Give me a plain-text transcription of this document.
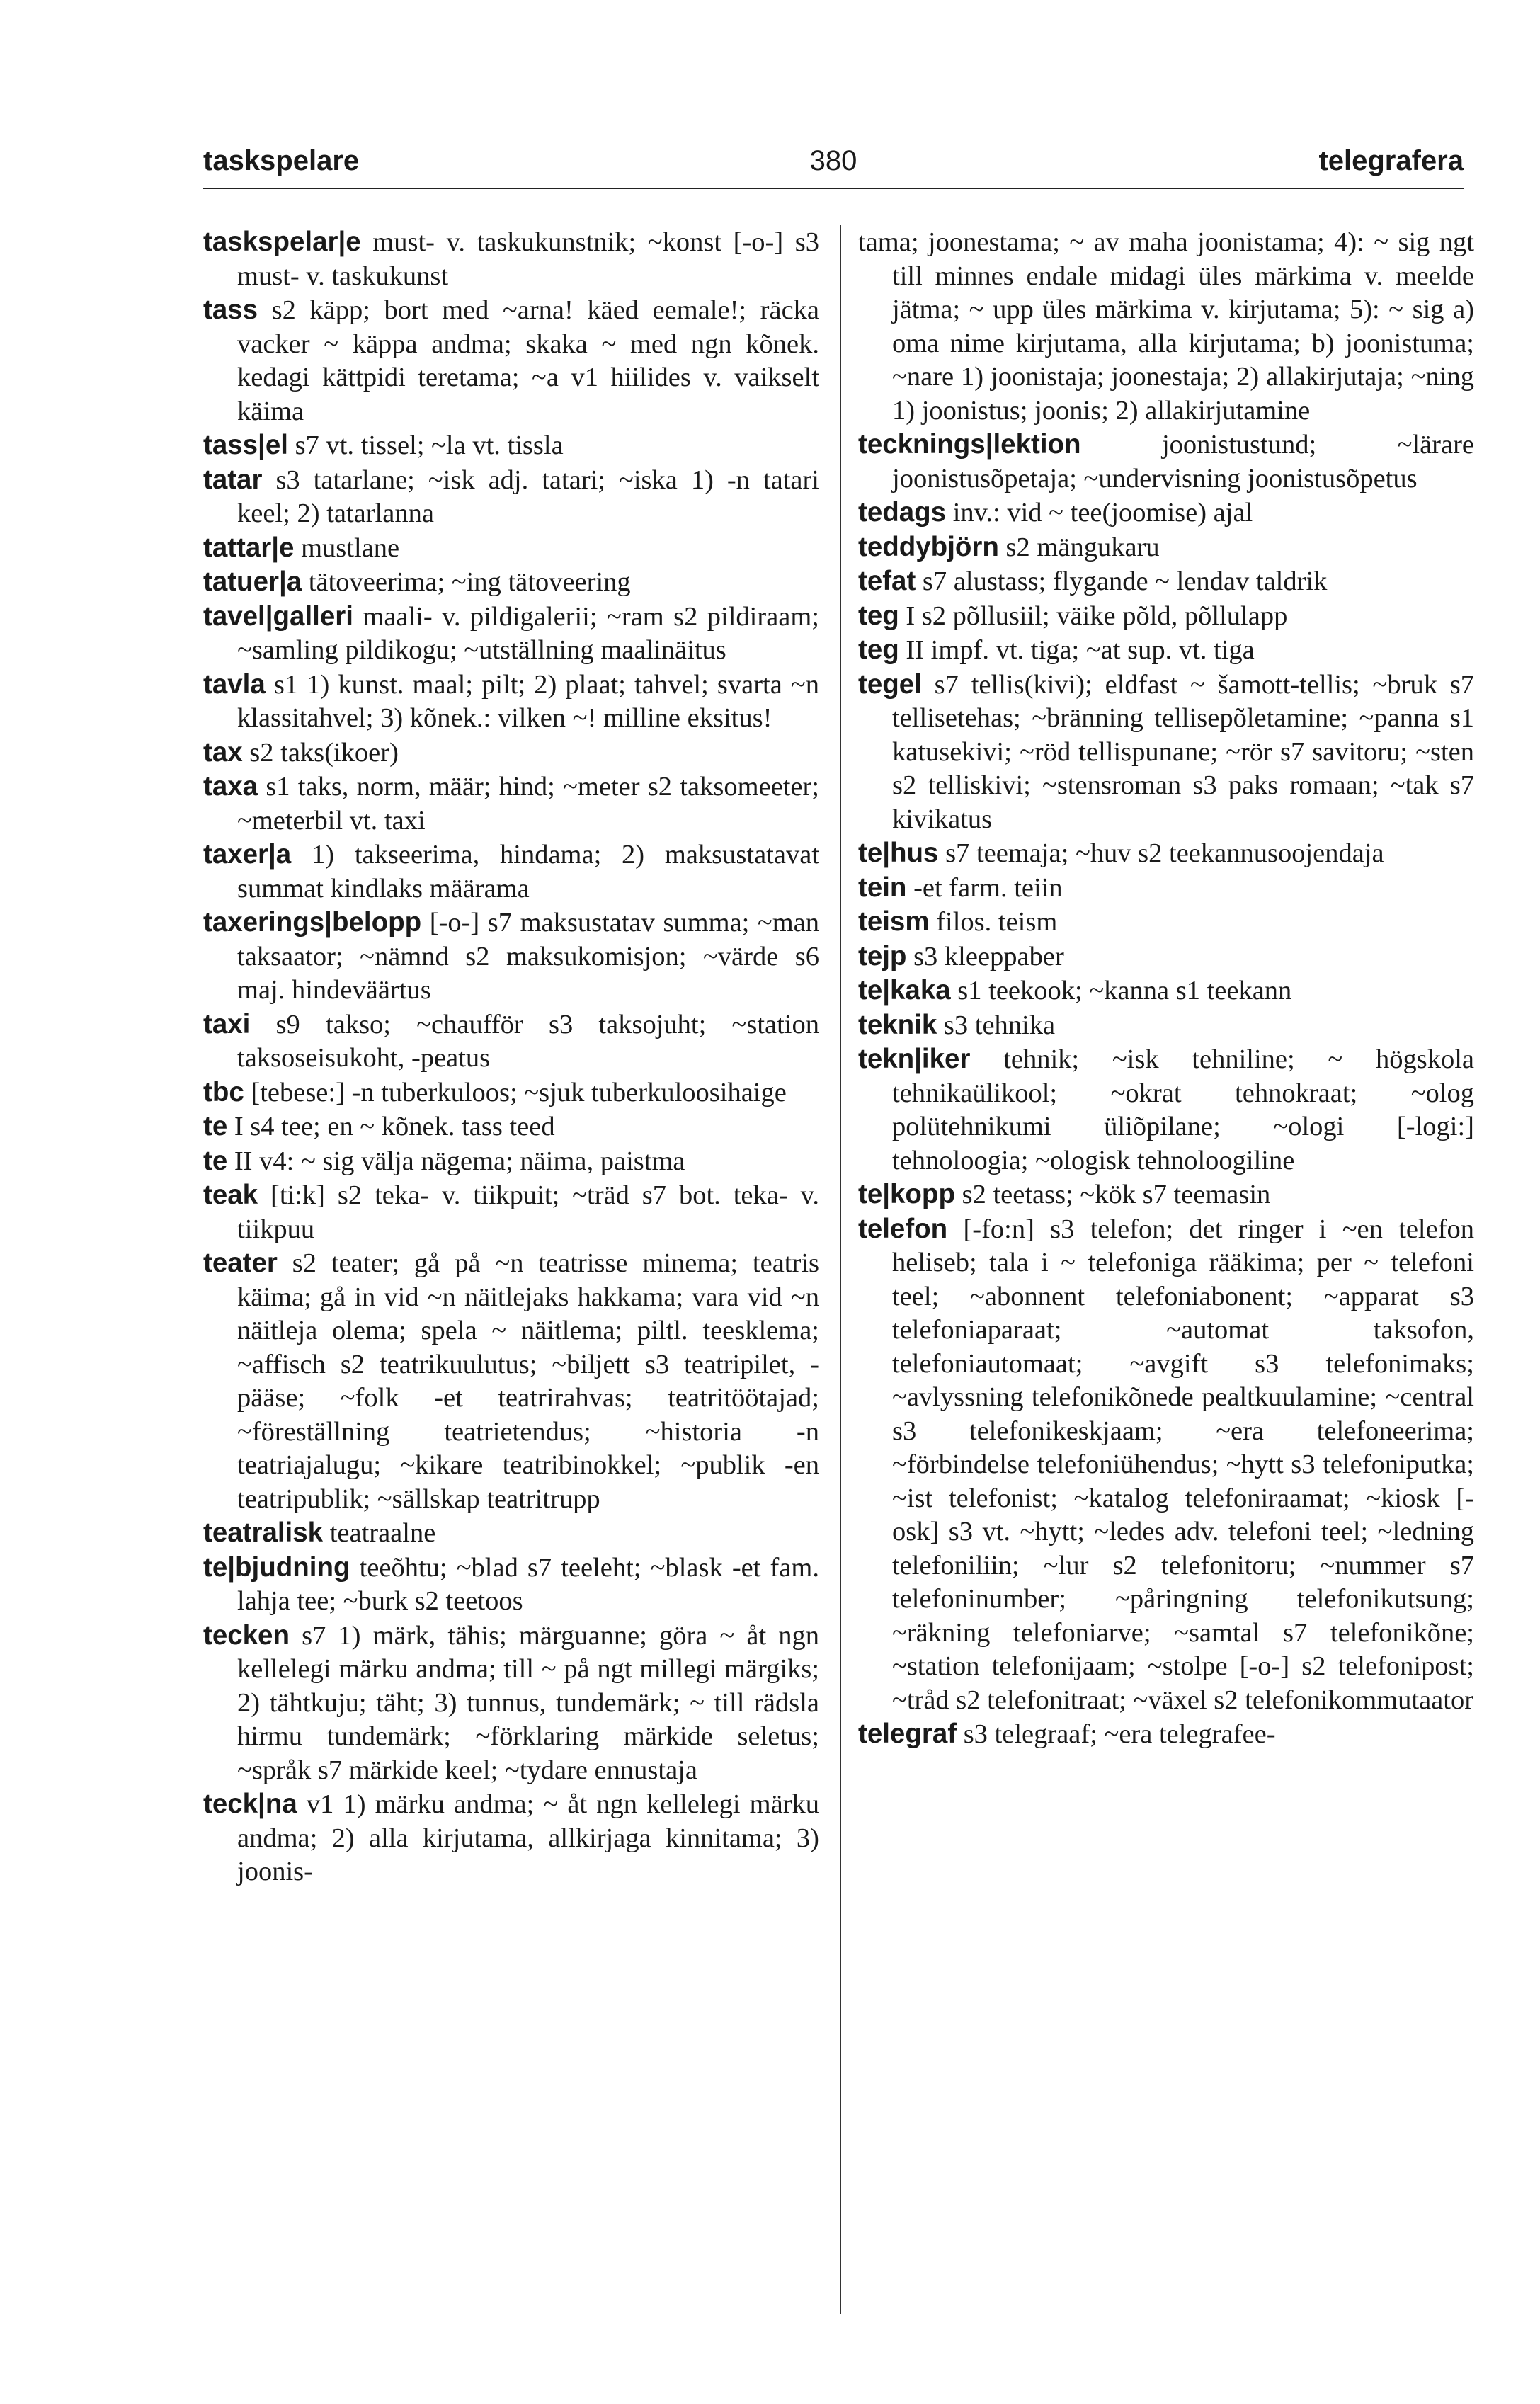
taskspelare	380	telegrafera

taskspelar|e must- v. taskukunstnik; ~konst [-o-] s3 must- v. taskukunst

tass s2 käpp; bort med ~arna! käed eemale!; räcka vacker ~ käppa andma; skaka ~ med ngn kõnek. kedagi kättpidi teretama; ~a v1 hiilides v. vaikselt käima

tass|el s7 vt. tissel; ~la vt. tissla

tatar s3 tatarlane; ~isk adj. tatari; ~iska 1) -n tatari keel; 2) tatarlanna

tattar|e mustlane

tatuer|a tätoveerima; ~ing tätoveering

tavel|galleri maali- v. pildigalerii; ~ram s2 pildiraam; ~samling pildikogu; ~utställning maalinäitus

tavla s1 1) kunst. maal; pilt; 2) plaat; tahvel; svarta ~n klassitahvel; 3) kõnek.: vilken ~! milline eksitus!

tax s2 taks(ikoer)

taxa s1 taks, norm, määr; hind; ~meter s2 taksomeeter; ~meterbil vt. taxi

taxer|a 1) takseerima, hindama; 2) maksustatavat summat kindlaks määrama

taxerings|belopp [-o-] s7 maksustatav summa; ~man taksaator; ~nämnd s2 maksukomisjon; ~värde s6 maj. hindeväärtus

taxi s9 takso; ~chaufför s3 taksojuht; ~station taksoseisukoht, -peatus

tbc [tebese:] -n tuberkuloos; ~sjuk tuberkuloosihaige

te I s4 tee; en ~ kõnek. tass teed

te II v4: ~ sig välja nägema; näima, paistma

teak [ti:k] s2 teka- v. tiikpuit; ~träd s7 bot. teka- v. tiikpuu

teater s2 teater; gå på ~n teatrisse minema; teatris käima; gå in vid ~n näitlejaks hakkama; vara vid ~n näitleja olema; spela ~ näitlema; piltl. teesklema; ~affisch s2 teatrikuulutus; ~biljett s3 teatripilet, -pääse; ~folk -et teatrirahvas; teatritöötajad; ~föreställning teatrietendus; ~historia -n teatriajalugu; ~kikare teatribinokkel; ~publik -en teatripublik; ~sällskap teatritrupp

teatralisk teatraalne

te|bjudning teeõhtu; ~blad s7 teeleht; ~blask -et fam. lahja tee; ~burk s2 teetoos

tecken s7 1) märk, tähis; märguanne; göra ~ åt ngn kellelegi märku andma; till ~ på ngt millegi märgiks; 2) tähtkuju; täht; 3) tunnus, tundemärk; ~ till rädsla hirmu tundemärk; ~förklaring märkide seletus; ~språk s7 märkide keel; ~tydare ennustaja

teck|na v1 1) märku andma; ~ åt ngn kellelegi märku andma; 2) alla kirjutama, allkirjaga kinnitama; 3) joonis-

tama; joonestama; ~ av maha joonistama; 4): ~ sig ngt till minnes endale midagi üles märkima v. meelde jätma; ~ upp üles märkima v. kirjutama; 5): ~ sig a) oma nime kirjutama, alla kirjutama; b) joonistuma; ~nare 1) joonistaja; joonestaja; 2) allakirjutaja; ~ning 1) joonistus; joonis; 2) allakirjutamine

tecknings|lektion	joonistustund; ~lärare joonistusõpetaja; ~undervisning joonistusõpetus

tedags inv.: vid ~ tee(joomise) ajal

teddybjörn s2 mängukaru

tefat s7 alustass; flygande ~ lendav taldrik

teg I s2 põllusiil; väike põld, põllulapp

teg II impf. vt. tiga; ~at sup. vt. tiga

tegel s7 tellis(kivi); eldfast ~ šamott-tellis; ~bruk s7 tellisetehas; ~bränning tellisepõletamine; ~panna s1 katusekivi; ~röd tellispunane; ~rör s7 savitoru; ~sten s2 telliskivi; ~stensroman s3 paks romaan; ~tak s7 kivikatus

te|hus s7 teemaja; ~huv s2 teekannusoojendaja

tein -et farm. teiin

teism filos. teism

tejp s3 kleeppaber

te|kaka s1 teekook; ~kanna s1 teekann

teknik s3 tehnika

tekn|iker tehnik; ~isk tehniline; ~ högskola tehnikaülikool; ~okrat tehnokraat; ~olog polütehnikumi üliõpilane; ~ologi [-logi:] tehnoloogia; ~ologisk tehnoloogiline

te|kopp s2 teetass; ~kök s7 teemasin

telefon [-fo:n] s3 telefon; det ringer i ~en telefon heliseb; tala i ~ telefoniga rääkima; per ~ telefoni teel; ~abonnent telefoniabonent; ~apparat s3 telefoniaparaat; ~automat taksofon, telefoniautomaat; ~avgift s3 telefonimaks; ~avlyssning telefonikõnede pealtkuulamine; ~central s3 telefonikeskjaam; ~era telefoneerima; ~förbindelse telefoniühendus; ~hytt s3 telefoniputka; ~ist telefonist; ~katalog telefoniraamat; ~kiosk [-osk] s3 vt. ~hytt; ~ledes adv. telefoni teel; ~ledning telefoniliin; ~lur s2 telefonitoru; ~nummer s7 telefoninumber; ~påringning telefonikutsung; ~räkning telefoniarve; ~samtal s7 telefonikõne; ~station telefonijaam; ~stolpe [-o-] s2 telefonipost; ~tråd s2 telefonitraat; ~växel s2 telefonikommutaator

telegraf s3 telegraaf; ~era telegrafee-
